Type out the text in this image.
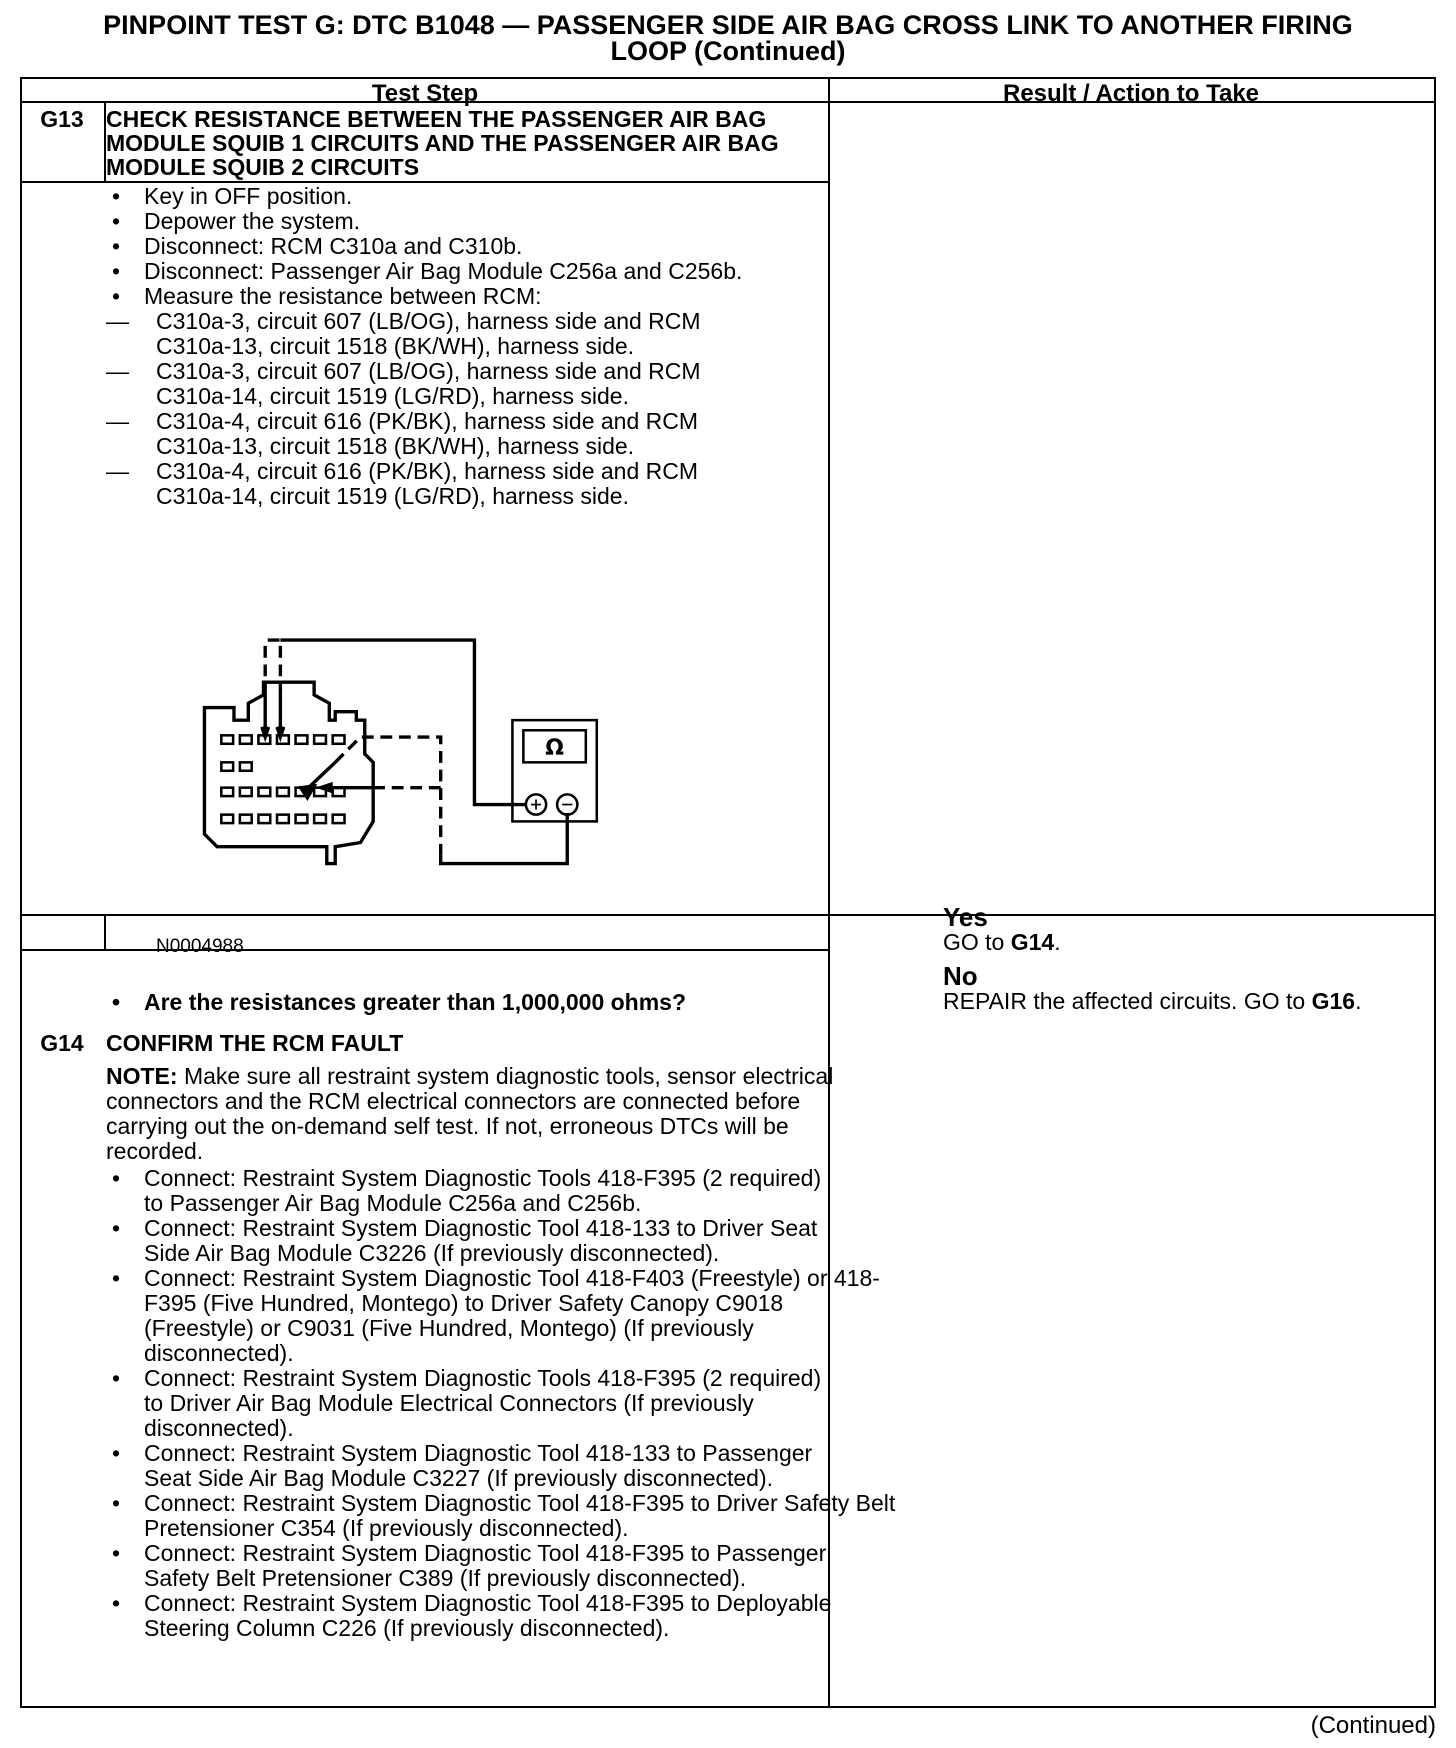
PINPOINT TEST G: DTC B1048 — PASSENGER SIDE AIR BAG CROSS LINK TO ANOTHER FIRING
LOOP (Continued)
Test Step	Result / Action to Take
G13 CHECK RESISTANCE BETWEEN THE PASSENGER AIR BAG
MODULE SQUIB 1 CIRCUITS AND THE PASSENGER AIR BAG
MODULE SQUIB 2 CIRCUITS
• Key in OFF position.
• Depower the system.
• Disconnect: RCM C310a and C310b.
• Disconnect: Passenger Air Bag Module C256a and C256b.
• Measure the resistance between RCM:
— C310a-3, circuit 607 (LB/OG), harness side and RCM C310a-13, circuit 1518 (BK/WH), harness side.
— C310a-3, circuit 607 (LB/OG), harness side and RCM C310a-14, circuit 1519 (LG/RD), harness side.
— C310a-4, circuit 616 (PK/BK), harness side and RCM C310a-13, circuit 1518 (BK/WH), harness side.
— C310a-4, circuit 616 (PK/BK), harness side and RCM C310a-14, circuit 1519 (LG/RD), harness side.
Ω
N0004988
• Are the resistances greater than 1,000,000 ohms?
Yes
GO to G14.
No
REPAIR the affected circuits. GO to G16.
G14 CONFIRM THE RCM FAULT

NOTE: Make sure all restraint system diagnostic tools, sensor electrical connectors and the RCM electrical connectors are connected before carrying out the on-demand self test. If not, erroneous DTCs will be recorded.

• Connect: Restraint System Diagnostic Tools 418-F395 (2 required) to Passenger Air Bag Module C256a and C256b.
• Connect: Restraint System Diagnostic Tool 418-133 to Driver Seat Side Air Bag Module C3226 (If previously disconnected).
• Connect: Restraint System Diagnostic Tool 418-F403 (Freestyle) or 418-F395 (Five Hundred, Montego) to Driver Safety Canopy C9018 (Freestyle) or C9031 (Five Hundred, Montego) (If previously disconnected).
• Connect: Restraint System Diagnostic Tools 418-F395 (2 required) to Driver Air Bag Module Electrical Connectors (If previously disconnected).
• Connect: Restraint System Diagnostic Tool 418-133 to Passenger Seat Side Air Bag Module C3227 (If previously disconnected).
• Connect: Restraint System Diagnostic Tool 418-F395 to Driver Safety Belt Pretensioner C354 (If previously disconnected).
• Connect: Restraint System Diagnostic Tool 418-F395 to Passenger Safety Belt Pretensioner C389 (If previously disconnected).
• Connect: Restraint System Diagnostic Tool 418-F395 to Deployable Steering Column C226 (If previously disconnected).
(Continued)
